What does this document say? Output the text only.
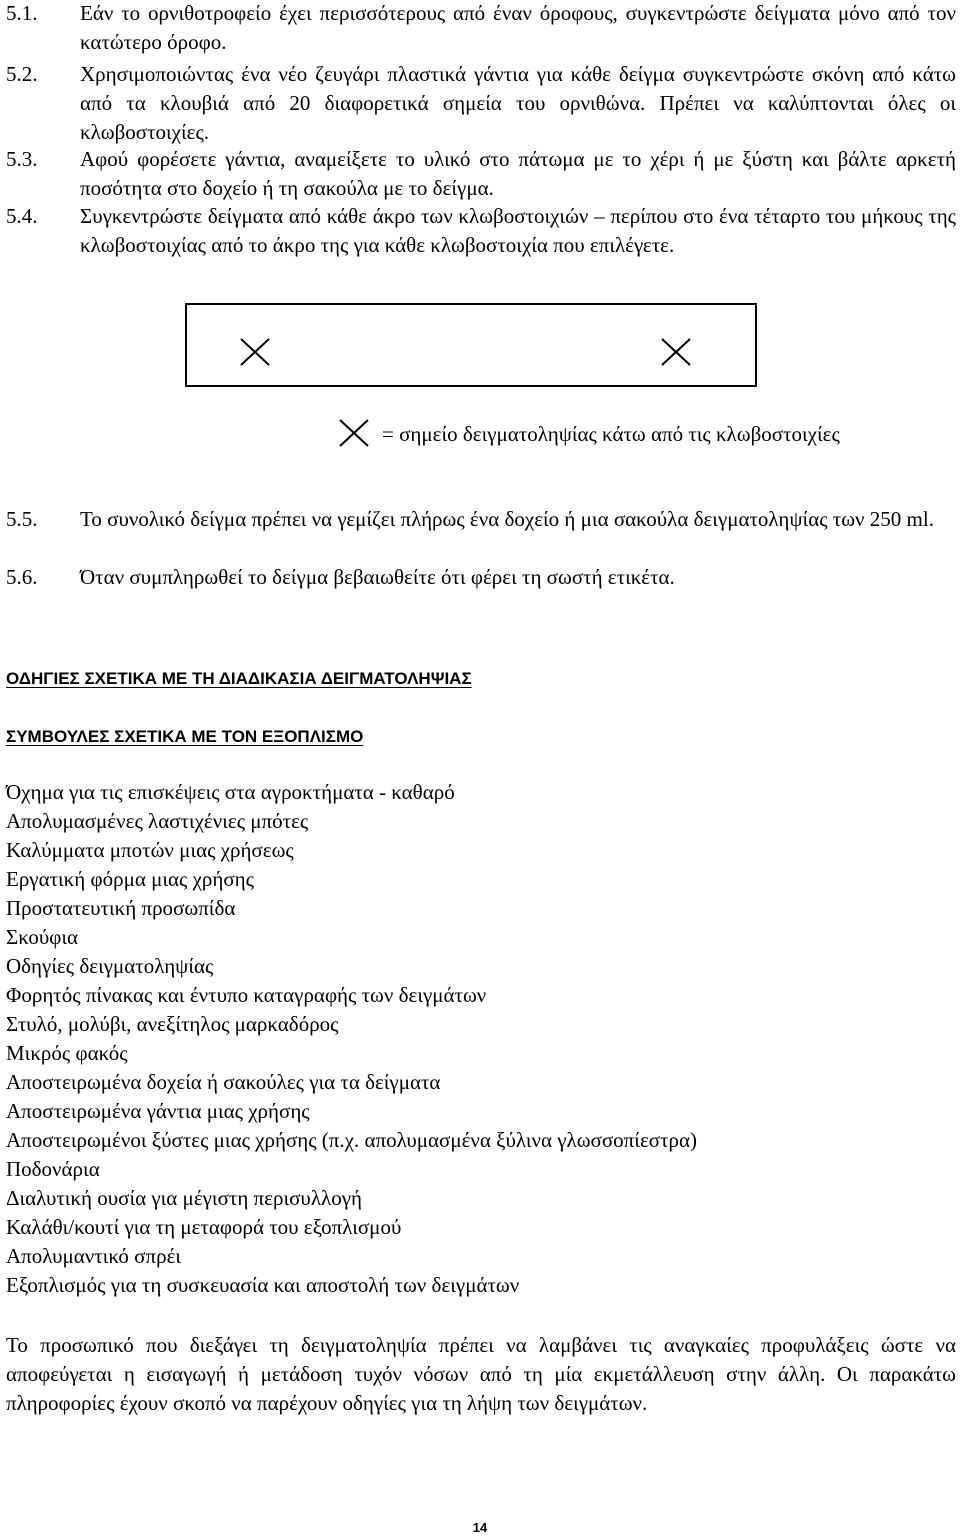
5.1. Εάν το ορνιθοτροφείο έχει περισσότερους από έναν όροφους, συγκεντρώστε δείγματα μόνο από τον κατώτερο όροφο.
5.2. Χρησιμοποιώντας ένα νέο ζευγάρι πλαστικά γάντια για κάθε δείγμα συγκεντρώστε σκόνη από κάτω από τα κλουβιά από 20 διαφορετικά σημεία του ορνιθώνα. Πρέπει να καλύπτονται όλες οι κλωβοστοιχίες.
5.3. Αφού φορέσετε γάντια, αναμείξετε το υλικό στο πάτωμα με το χέρι ή με ξύστη και βάλτε αρκετή ποσότητα στο δοχείο ή τη σακούλα με το δείγμα.
5.4. Συγκεντρώστε δείγματα από κάθε άκρο των κλωβοστοιχιών – περίπου στο ένα τέταρτο του μήκους της κλωβοστοιχίας από το άκρο της για κάθε κλωβοστοιχία που επιλέγετε.
= σημείο δειγματοληψίας κάτω από τις κλωβοστοιχίες
5.5. Το συνολικό δείγμα πρέπει να γεμίζει πλήρως ένα δοχείο ή μια σακούλα δειγματοληψίας των 250 ml.
5.6. Όταν συμπληρωθεί το δείγμα βεβαιωθείτε ότι φέρει τη σωστή ετικέτα.
ΟΔΗΓΙΕΣ ΣΧΕΤΙΚΑ ΜΕ ΤΗ ΔΙΑΔΙΚΑΣΙΑ ΔΕΙΓΜΑΤΟΛΗΨΙΑΣ
ΣΥΜΒΟΥΛΕΣ ΣΧΕΤΙΚΑ ΜΕ ΤΟΝ ΕΞΟΠΛΙΣΜΟ
Όχημα για τις επισκέψεις στα αγροκτήματα - καθαρό
Απολυμασμένες λαστιχένιες μπότες
Καλύμματα μποτών μιας χρήσεως
Εργατική φόρμα μιας χρήσης
Προστατευτική προσωπίδα
Σκούφια
Οδηγίες δειγματοληψίας
Φορητός πίνακας και έντυπο καταγραφής των δειγμάτων
Στυλό, μολύβι, ανεξίτηλος μαρκαδόρος
Μικρός φακός
Αποστειρωμένα δοχεία ή σακούλες για τα δείγματα
Αποστειρωμένα γάντια μιας χρήσης
Αποστειρωμένοι ξύστες μιας χρήσης (π.χ. απολυμασμένα ξύλινα γλωσσοπίεστρα)
Ποδονάρια
Διαλυτική ουσία για μέγιστη περισυλλογή
Καλάθι/κουτί για τη μεταφορά του εξοπλισμού
Απολυμαντικό σπρέι
Εξοπλισμός για τη συσκευασία και αποστολή των δειγμάτων
Το προσωπικό που διεξάγει τη δειγματοληψία πρέπει να λαμβάνει τις αναγκαίες προφυλάξεις ώστε να αποφεύγεται η εισαγωγή ή μετάδοση τυχόν νόσων από τη μία εκμετάλλευση στην άλλη. Οι παρακάτω πληροφορίες έχουν σκοπό να παρέχουν οδηγίες για τη λήψη των δειγμάτων.
14
